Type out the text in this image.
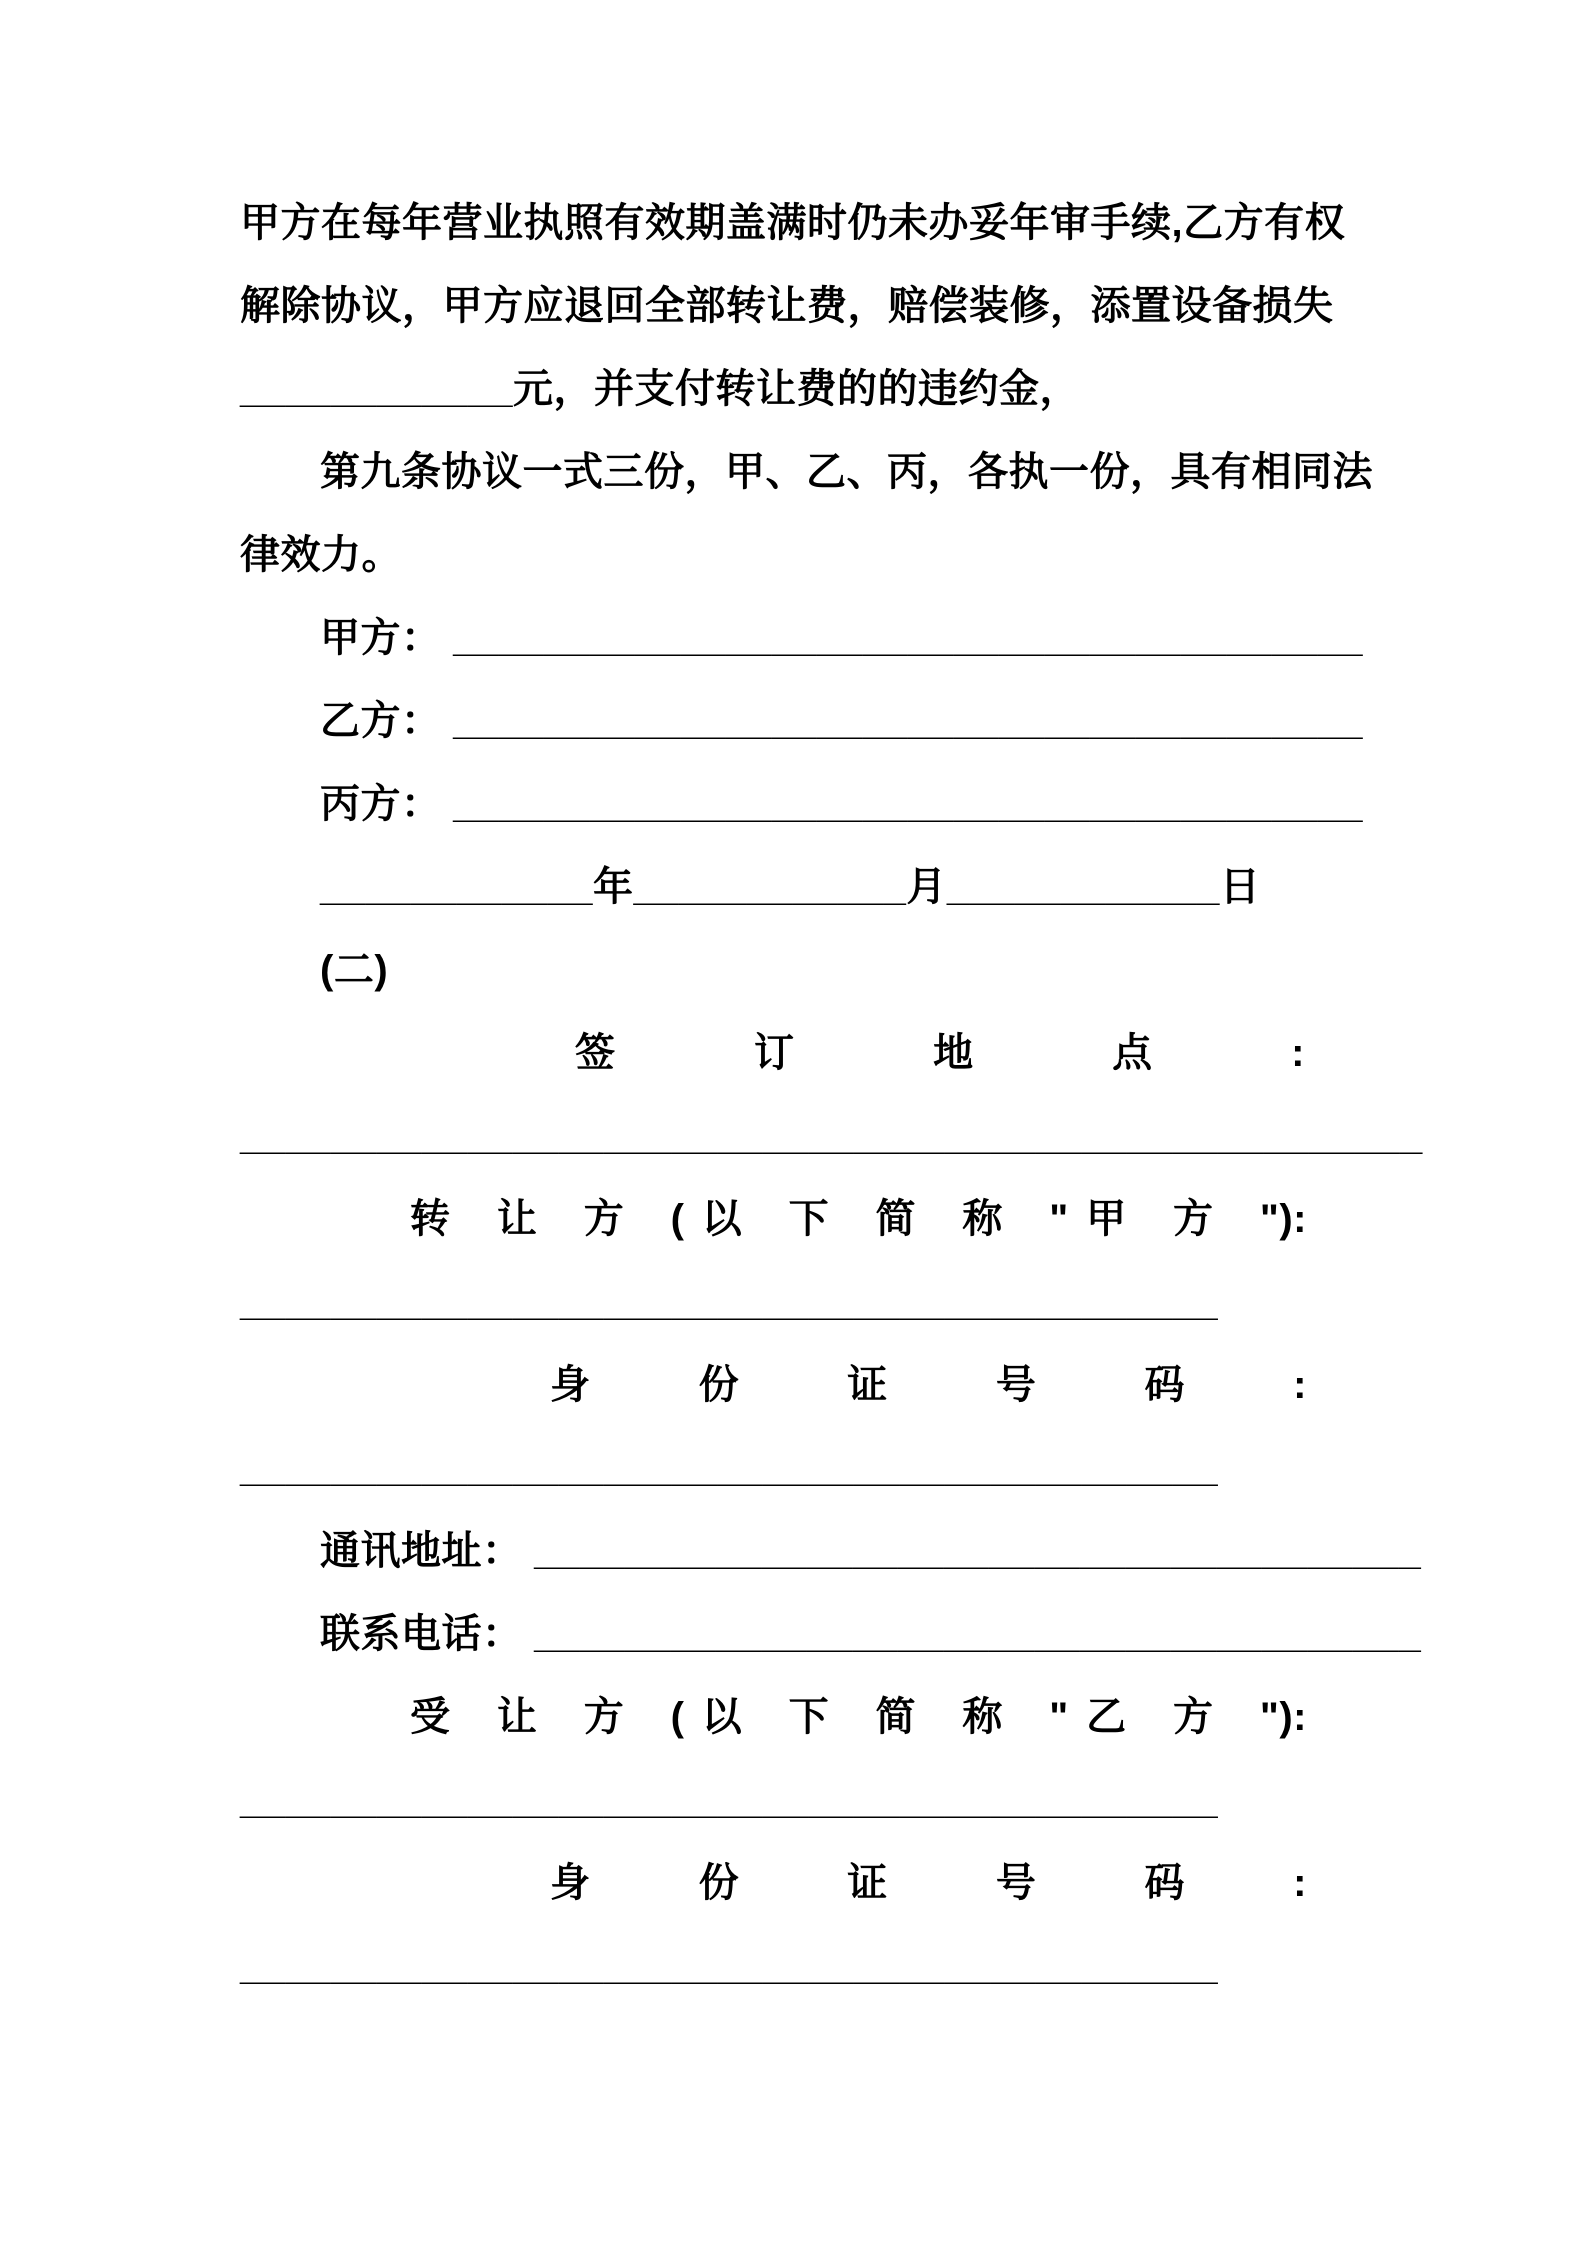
甲方在每年营业执照有效期盖满时仍未办妥年审手续,乙方有权
解除协议，甲方应退回全部转让费，赔偿装修，添置设备损失
____________元，并支付转让费的的违约金，
第九条协议一式三份，甲、乙、丙，各执一份，具有相同法
律效力。
甲方： ________________________________________
乙方： ________________________________________
丙方： ________________________________________
____________年____________月____________日
(二)
签 订 地 点 :
____________________________________________________
转 让 方 (以 下 简 称 "甲 方 "):
___________________________________________
身 份 证 号 码 :
___________________________________________
通讯地址： _______________________________________
联系电话： _______________________________________
受 让 方 (以 下 简 称 "乙 方 "):
___________________________________________
身 份 证 号 码 :
___________________________________________
